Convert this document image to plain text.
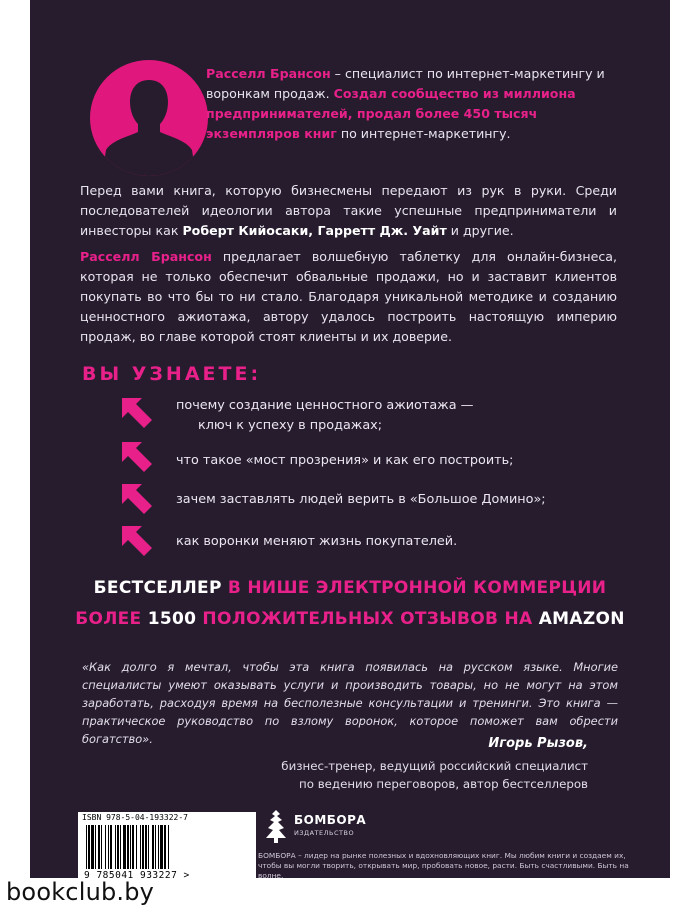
Расселл Брансон – специалист по интернет-маркетингу и воронкам продаж. Создал сообщество из миллиона предпринимателей, продал более 450 тысяч экземпляров книг по интернет-маркетингу.

Перед вами книга, которую бизнесмены передают из рук в руки. Среди последователей идеологии автора такие успешные предприниматели и инвесторы как Роберт Кийосаки, Гарретт Дж. Уайт и другие.

Расселл Брансон предлагает волшебную таблетку для онлайн-бизнеса, которая не только обеспечит обвальные продажи, но и заставит клиентов покупать во что бы то ни стало. Благодаря уникальной методике и созданию ценностного ажиотажа, автору удалось построить настоящую империю продаж, во главе которой стоят клиенты и их доверие.

ВЫ УЗНАЕТЕ:

почему создание ценностного ажиотажа —

ключ к успеху в продажах;

что такое «мост прозрения» и как его построить;

зачем заставлять людей верить в «Большое Домино»;

как воронки меняют жизнь покупателей.

БЕСТСЕЛЛЕР В НИШЕ ЭЛЕКТРОННОЙ КОММЕРЦИИ

БОЛЕЕ 1500 ПОЛОЖИТЕЛЬНЫХ ОТЗЫВОВ НА AMAZON

«Как долго я мечтал, чтобы эта книга появилась на русском языке. Многие специалисты умеют оказывать услуги и производить товары, но не могут на этом заработать, расходуя время на бесполезные консультации и тренинги. Это книга — практическое руководство по взлому воронок, которое поможет вам обрести богатство».	Игорь Рызов,

бизнес-тренер, ведущий российский специалист
по ведению переговоров, автор бестселлеров

ISBN 978-5-04-193322-7

9 785041 933227 >

БОМБОРА

ИЗДАТЕЛЬСТВО

БОМБОРА – лидер на рынке полезных и вдохновляющих книг. Мы любим книги и создаем их, чтобы вы могли творить, открывать мир, пробовать новое, расти. Быть счастливыми. Быть на волне.

bookclub.by
